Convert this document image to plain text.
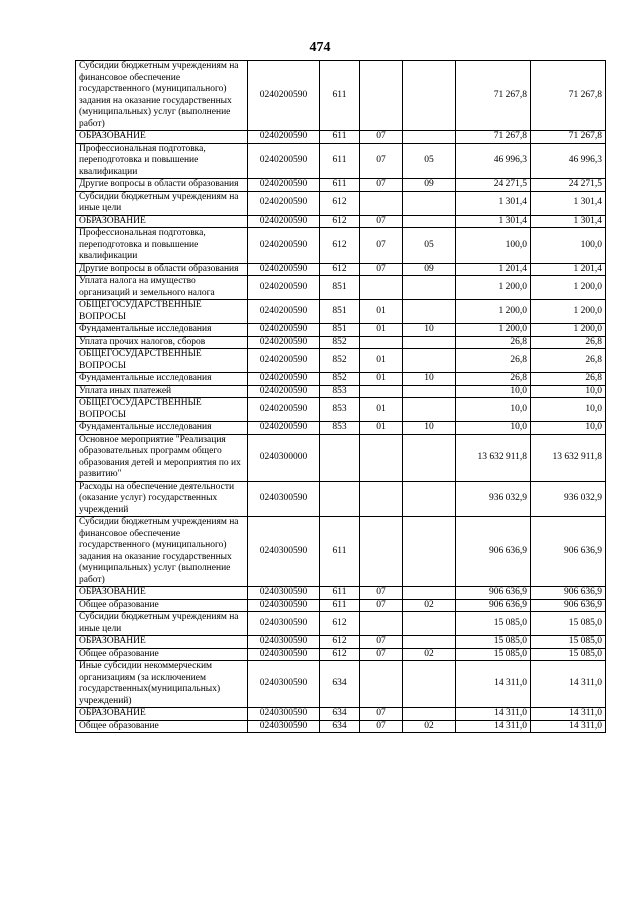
474
Субсидии бюджетным учреждениям на финансовое обеспечение государственного (муниципального) задания на оказание государственных (муниципальных) услуг (выполнение работ)	0240200590	611			71 267,8	71 267,8
ОБРАЗОВАНИЕ	0240200590	611	07		71 267,8	71 267,8
Профессиональная подготовка, переподготовка и повышение квалификации	0240200590	611	07	05	46 996,3	46 996,3
Другие вопросы в области образования	0240200590	611	07	09	24 271,5	24 271,5
Субсидии бюджетным учреждениям на иные цели	0240200590	612			1 301,4	1 301,4
ОБРАЗОВАНИЕ	0240200590	612	07		1 301,4	1 301,4
Профессиональная подготовка, переподготовка и повышение квалификации	0240200590	612	07	05	100,0	100,0
Другие вопросы в области образования	0240200590	612	07	09	1 201,4	1 201,4
Уплата налога на имущество организаций и земельного налога	0240200590	851			1 200,0	1 200,0
ОБЩЕГОСУДАРСТВЕННЫЕ ВОПРОСЫ	0240200590	851	01		1 200,0	1 200,0
Фундаментальные исследования	0240200590	851	01	10	1 200,0	1 200,0
Уплата прочих налогов, сборов	0240200590	852			26,8	26,8
ОБЩЕГОСУДАРСТВЕННЫЕ ВОПРОСЫ	0240200590	852	01		26,8	26,8
Фундаментальные исследования	0240200590	852	01	10	26,8	26,8
Уплата иных платежей	0240200590	853			10,0	10,0
ОБЩЕГОСУДАРСТВЕННЫЕ ВОПРОСЫ	0240200590	853	01		10,0	10,0
Фундаментальные исследования	0240200590	853	01	10	10,0	10,0
Основное мероприятие "Реализация образовательных программ общего образования детей и мероприятия по их развитию"	0240300000				13 632 911,8	13 632 911,8
Расходы на обеспечение деятельности (оказание услуг) государственных учреждений	0240300590				936 032,9	936 032,9
Субсидии бюджетным учреждениям на финансовое обеспечение государственного (муниципального) задания на оказание государственных (муниципальных) услуг (выполнение работ)	0240300590	611			906 636,9	906 636,9
ОБРАЗОВАНИЕ	0240300590	611	07		906 636,9	906 636,9
Общее образование	0240300590	611	07	02	906 636,9	906 636,9
Субсидии бюджетным учреждениям на иные цели	0240300590	612			15 085,0	15 085,0
ОБРАЗОВАНИЕ	0240300590	612	07		15 085,0	15 085,0
Общее образование	0240300590	612	07	02	15 085,0	15 085,0
Иные субсидии некоммерческим организациям (за исключением государственных(муниципальных) учреждений)	0240300590	634			14 311,0	14 311,0
ОБРАЗОВАНИЕ	0240300590	634	07		14 311,0	14 311,0
Общее образование	0240300590	634	07	02	14 311,0	14 311,0
